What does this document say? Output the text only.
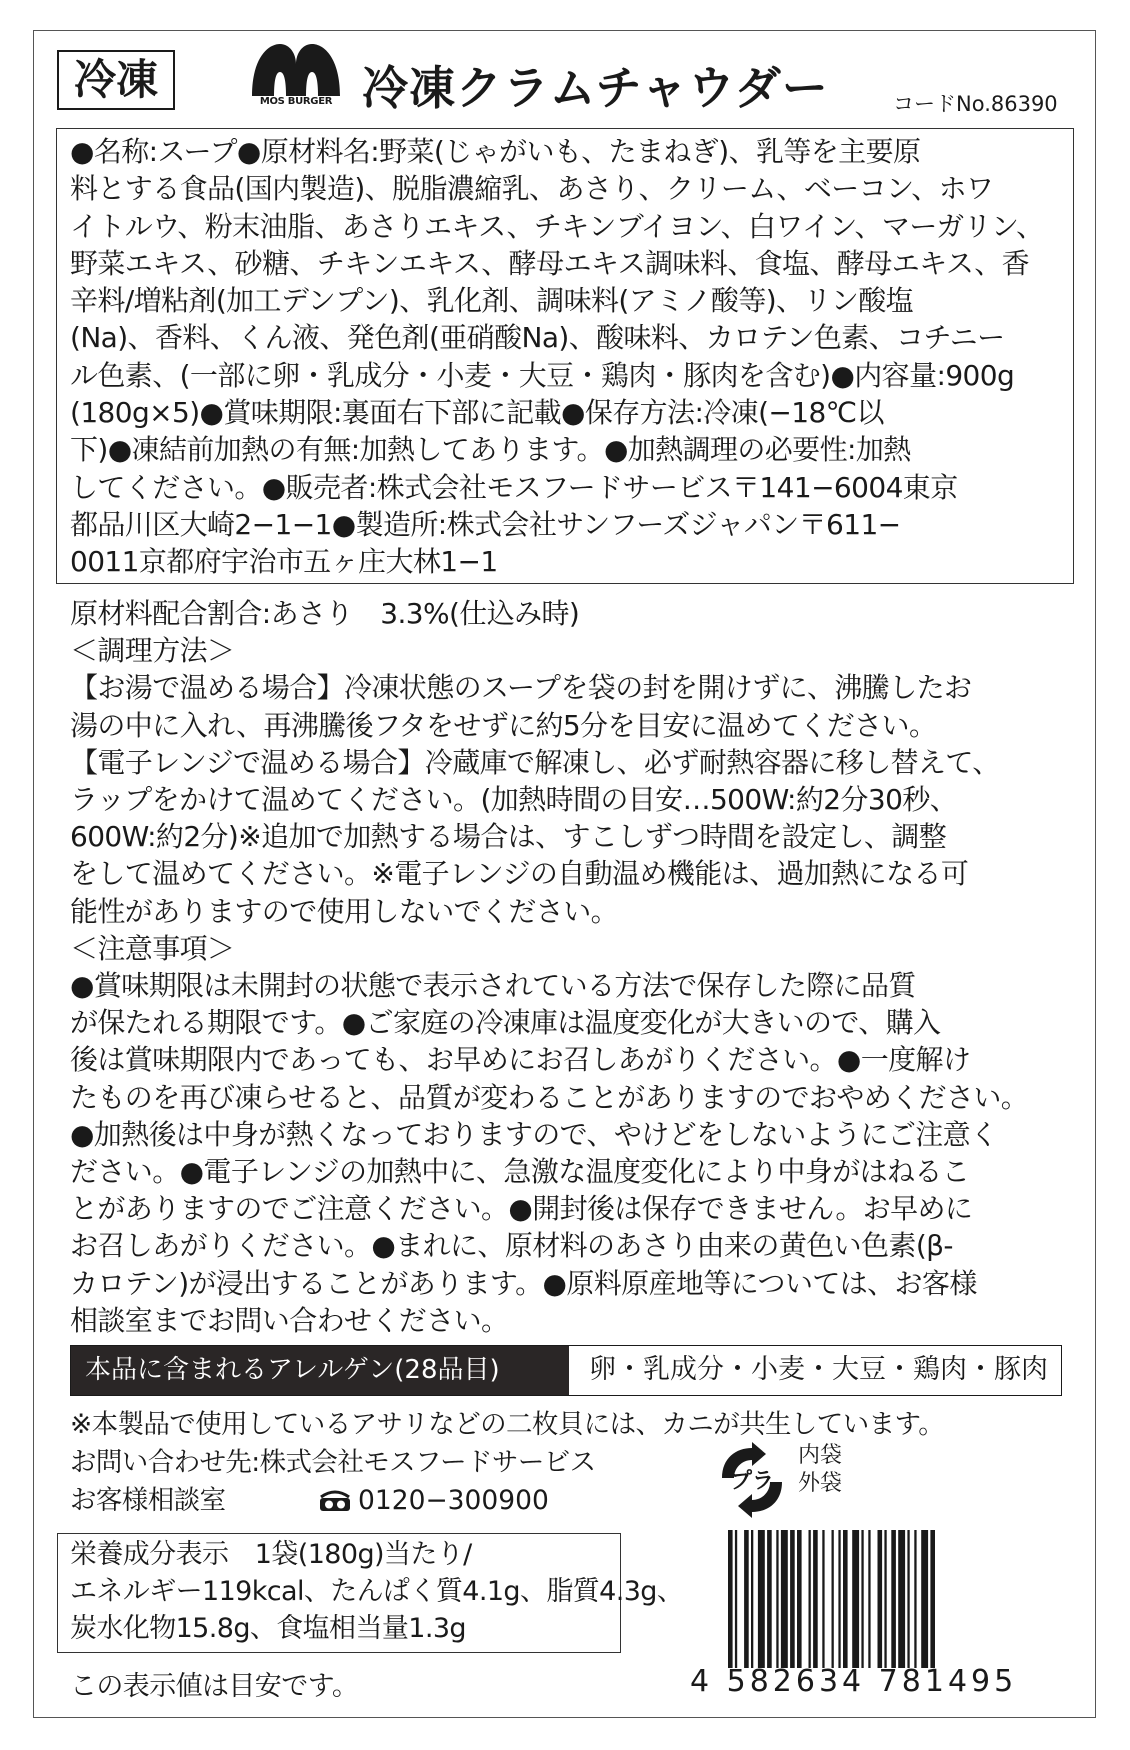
冷凍	MOS BURGER 冷凍クラムチャウダー	コードNo.86390
●名称:スープ●原材料名:野菜(じゃがいも、たまねぎ)、乳等を主要原
料とする食品(国内製造)、脱脂濃縮乳、あさり、クリーム、ベーコン、ホワ
イトルウ、粉末油脂、あさりエキス、チキンブイヨン、白ワイン、マーガリン、
野菜エキス、砂糖、チキンエキス、酵母エキス調味料、食塩、酵母エキス、香
辛料/増粘剤(加工デンプン)、乳化剤、調味料(アミノ酸等)、リン酸塩
(Na)、香料、くん液、発色剤(亜硝酸Na)、酸味料、カロテン色素、コチニー
ル色素、(一部に卵・乳成分・小麦・大豆・鶏肉・豚肉を含む)●内容量:900g
(180g×5)●賞味期限:裏面右下部に記載●保存方法:冷凍(−18℃以
下)●凍結前加熱の有無:加熱してあります。●加熱調理の必要性:加熱
してください。●販売者:株式会社モスフードサービス〒141−6004東京
都品川区大崎2−1−1●製造所:株式会社サンフーズジャパン〒611−
0011京都府宇治市五ヶ庄大林1−1
原材料配合割合:あさり　3.3%(仕込み時)
＜調理方法＞
【お湯で温める場合】冷凍状態のスープを袋の封を開けずに、沸騰したお
湯の中に入れ、再沸騰後フタをせずに約5分を目安に温めてください。
【電子レンジで温める場合】冷蔵庫で解凍し、必ず耐熱容器に移し替えて、
ラップをかけて温めてください。(加熱時間の目安…500W:約2分30秒、
600W:約2分)※追加で加熱する場合は、すこしずつ時間を設定し、調整
をして温めてください。※電子レンジの自動温め機能は、過加熱になる可
能性がありますので使用しないでください。
＜注意事項＞
●賞味期限は未開封の状態で表示されている方法で保存した際に品質
が保たれる期限です。●ご家庭の冷凍庫は温度変化が大きいので、購入
後は賞味期限内であっても、お早めにお召しあがりください。●一度解け
たものを再び凍らせると、品質が変わることがありますのでおやめください。
●加熱後は中身が熱くなっておりますので、やけどをしないようにご注意く
ださい。●電子レンジの加熱中に、急激な温度変化により中身がはねるこ
とがありますのでご注意ください。●開封後は保存できません。お早めに
お召しあがりください。●まれに、原材料のあさり由来の黄色い色素(β-
カロテン)が浸出することがあります。●原料原産地等については、お客様
相談室までお問い合わせください。
本品に含まれるアレルゲン(28品目)	卵・乳成分・小麦・大豆・鶏肉・豚肉
※本製品で使用しているアサリなどの二枚貝には、カニが共生しています。
お問い合わせ先:株式会社モスフードサービス
お客様相談室	0120−300900
プラ
内袋
外袋
栄養成分表示　1袋(180g)当たり/
エネルギー119kcal、たんぱく質4.1g、脂質4.3g、
炭水化物15.8g、食塩相当量1.3g
この表示値は目安です。	4 582634 781495
